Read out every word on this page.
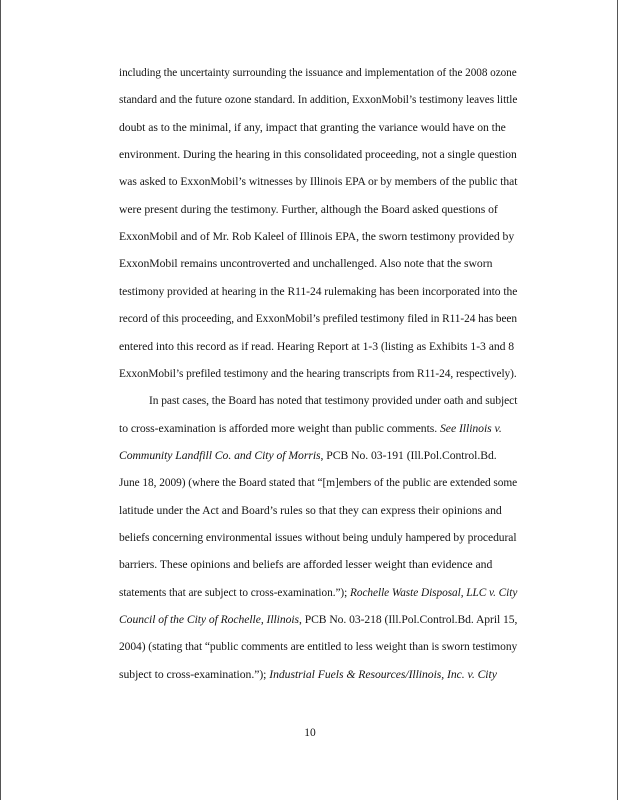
including the uncertainty surrounding the issuance and implementation of the 2008 ozone
standard and the future ozone standard. In addition, ExxonMobil’s testimony leaves little
doubt as to the minimal, if any, impact that granting the variance would have on the
environment. During the hearing in this consolidated proceeding, not a single question
was asked to ExxonMobil’s witnesses by Illinois EPA or by members of the public that
were present during the testimony. Further, although the Board asked questions of
ExxonMobil and of Mr. Rob Kaleel of Illinois EPA, the sworn testimony provided by
ExxonMobil remains uncontroverted and unchallenged. Also note that the sworn
testimony provided at hearing in the R11-24 rulemaking has been incorporated into the
record of this proceeding, and ExxonMobil’s prefiled testimony filed in R11-24 has been
entered into this record as if read. Hearing Report at 1-3 (listing as Exhibits 1-3 and 8
ExxonMobil’s prefiled testimony and the hearing transcripts from R11-24, respectively).
In past cases, the Board has noted that testimony provided under oath and subject
to cross-examination is afforded more weight than public comments. See Illinois v.
Community Landfill Co. and City of Morris, PCB No. 03-191 (Ill.Pol.Control.Bd.
June 18, 2009) (where the Board stated that “[m]embers of the public are extended some
latitude under the Act and Board’s rules so that they can express their opinions and
beliefs concerning environmental issues without being unduly hampered by procedural
barriers. These opinions and beliefs are afforded lesser weight than evidence and
statements that are subject to cross-examination.”); Rochelle Waste Disposal, LLC v. City
Council of the City of Rochelle, Illinois, PCB No. 03-218 (Ill.Pol.Control.Bd. April 15,
2004) (stating that “public comments are entitled to less weight than is sworn testimony
subject to cross-examination.”); Industrial Fuels & Resources/Illinois, Inc. v. City
10
